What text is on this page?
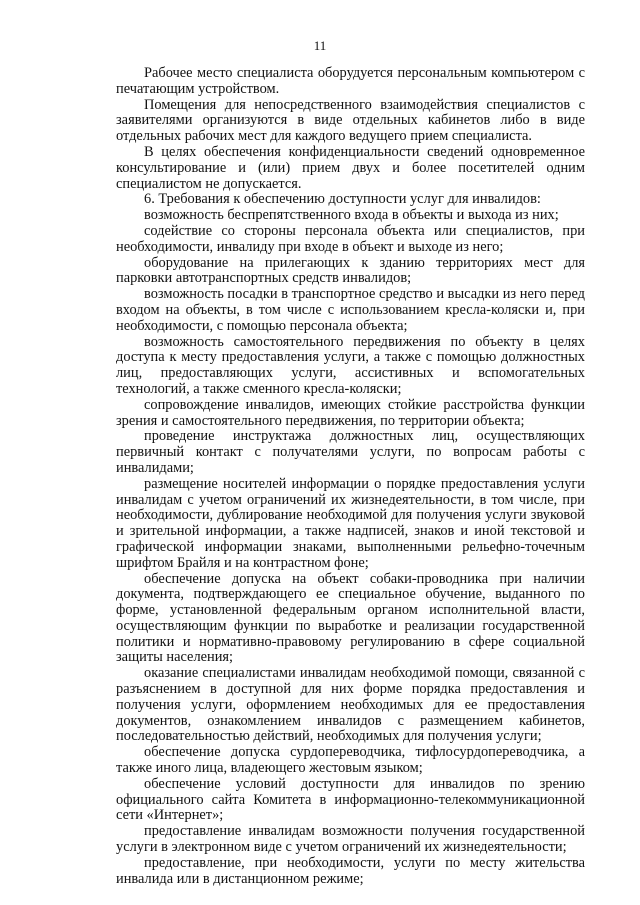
11

Рабочее место специалиста оборудуется персональным компьютером с печатающим устройством.

Помещения для непосредственного взаимодействия специалистов с заявителями организуются в виде отдельных кабинетов либо в виде отдельных рабочих мест для каждого ведущего прием специалиста.

В целях обеспечения конфиденциальности сведений одновременное консультирование и (или) прием двух и более посетителей одним специалистом не допускается.

6. Требования к обеспечению доступности услуг для инвалидов:

возможность беспрепятственного входа в объекты и выхода из них;

содействие со стороны персонала объекта или специалистов, при необходимости, инвалиду при входе в объект и выходе из него;

оборудование на прилегающих к зданию территориях мест для парковки автотранспортных средств инвалидов;

возможность посадки в транспортное средство и высадки из него перед входом на объекты, в том числе с использованием кресла-коляски и, при необходимости, с помощью персонала объекта;

возможность самостоятельного передвижения по объекту в целях доступа к месту предоставления услуги, а также с помощью должностных лиц, предоставляющих услуги, ассистивных и вспомогательных технологий, а также сменного кресла-коляски;

сопровождение инвалидов, имеющих стойкие расстройства функции зрения и самостоятельного передвижения, по территории объекта;

проведение инструктажа должностных лиц, осуществляющих первичный контакт с получателями услуги, по вопросам работы с инвалидами;

размещение носителей информации о порядке предоставления услуги инвалидам с учетом ограничений их жизнедеятельности, в том числе, при необходимости, дублирование необходимой для получения услуги звуковой и зрительной информации, а также надписей, знаков и иной текстовой и графической информации знаками, выполненными рельефно-точечным шрифтом Брайля и на контрастном фоне;

обеспечение допуска на объект собаки-проводника при наличии документа, подтверждающего ее специальное обучение, выданного по форме, установленной федеральным органом исполнительной власти, осуществляющим функции по выработке и реализации государственной политики и нормативно-правовому регулированию в сфере социальной защиты населения;

оказание специалистами инвалидам необходимой помощи, связанной с разъяснением в доступной для них форме порядка предоставления и получения услуги, оформлением необходимых для ее предоставления документов, ознакомлением инвалидов с размещением кабинетов, последовательностью действий, необходимых для получения услуги;

обеспечение допуска сурдопереводчика, тифлосурдопереводчика, а также иного лица, владеющего жестовым языком;

обеспечение условий доступности для инвалидов по зрению официального сайта Комитета в информационно-телекоммуникационной сети «Интернет»;

предоставление инвалидам возможности получения государственной услуги в электронном виде с учетом ограничений их жизнедеятельности;

предоставление, при необходимости, услуги по месту жительства инвалида или в дистанционном режиме;
